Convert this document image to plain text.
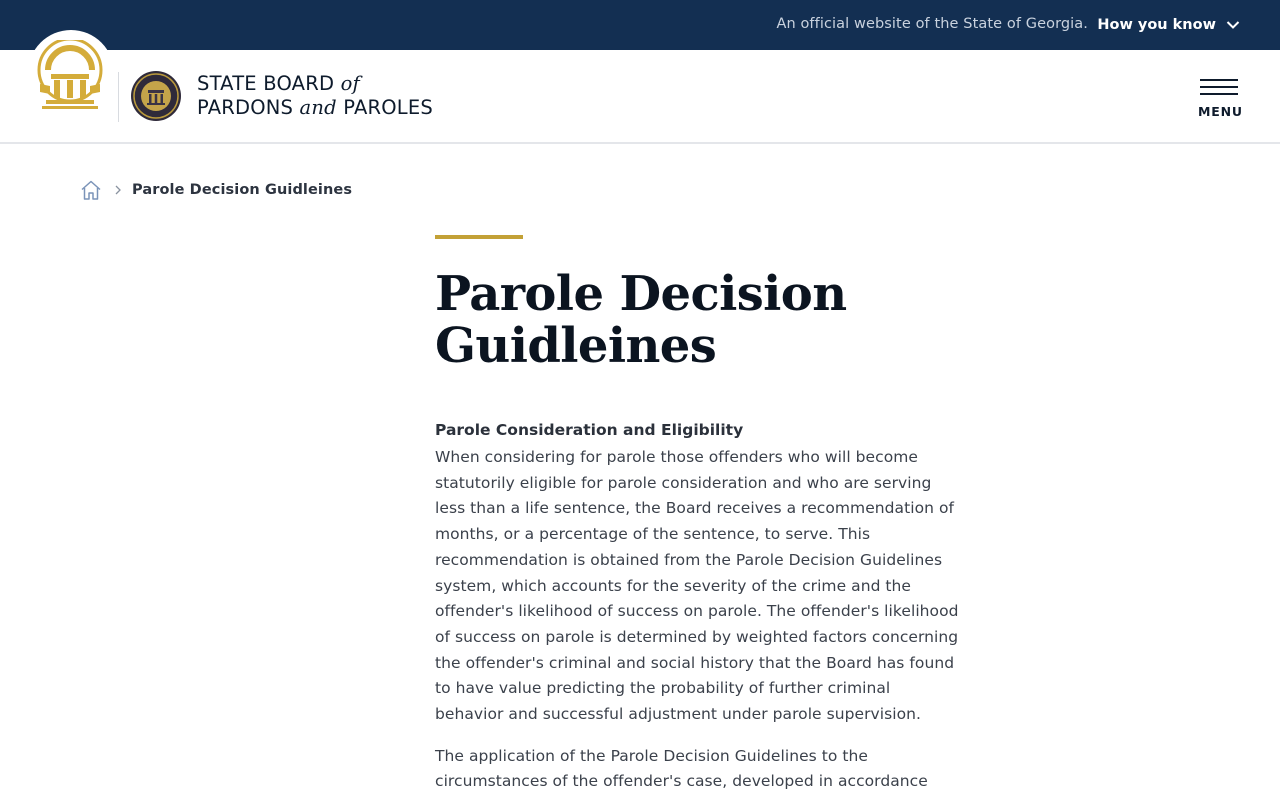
An official website of the State of Georgia. How you know
STATE BOARD of
PARDONS and PAROLES	MENU
Parole Decision Guidleines
Parole Decision
Guidleines
Parole Consideration and Eligibility

When considering for parole those offenders who will become statutorily eligible for parole consideration and who are serving less than a life sentence, the Board receives a recommendation of months, or a percentage of the sentence, to serve. This recommendation is obtained from the Parole Decision Guidelines system, which accounts for the severity of the crime and the offender's likelihood of success on parole. The offender's likelihood of success on parole is determined by weighted factors concerning the offender's criminal and social history that the Board has found to have value predicting the probability of further criminal behavior and successful adjustment under parole supervision.

The application of the Parole Decision Guidelines to the circumstances of the offender's case, developed in accordance
